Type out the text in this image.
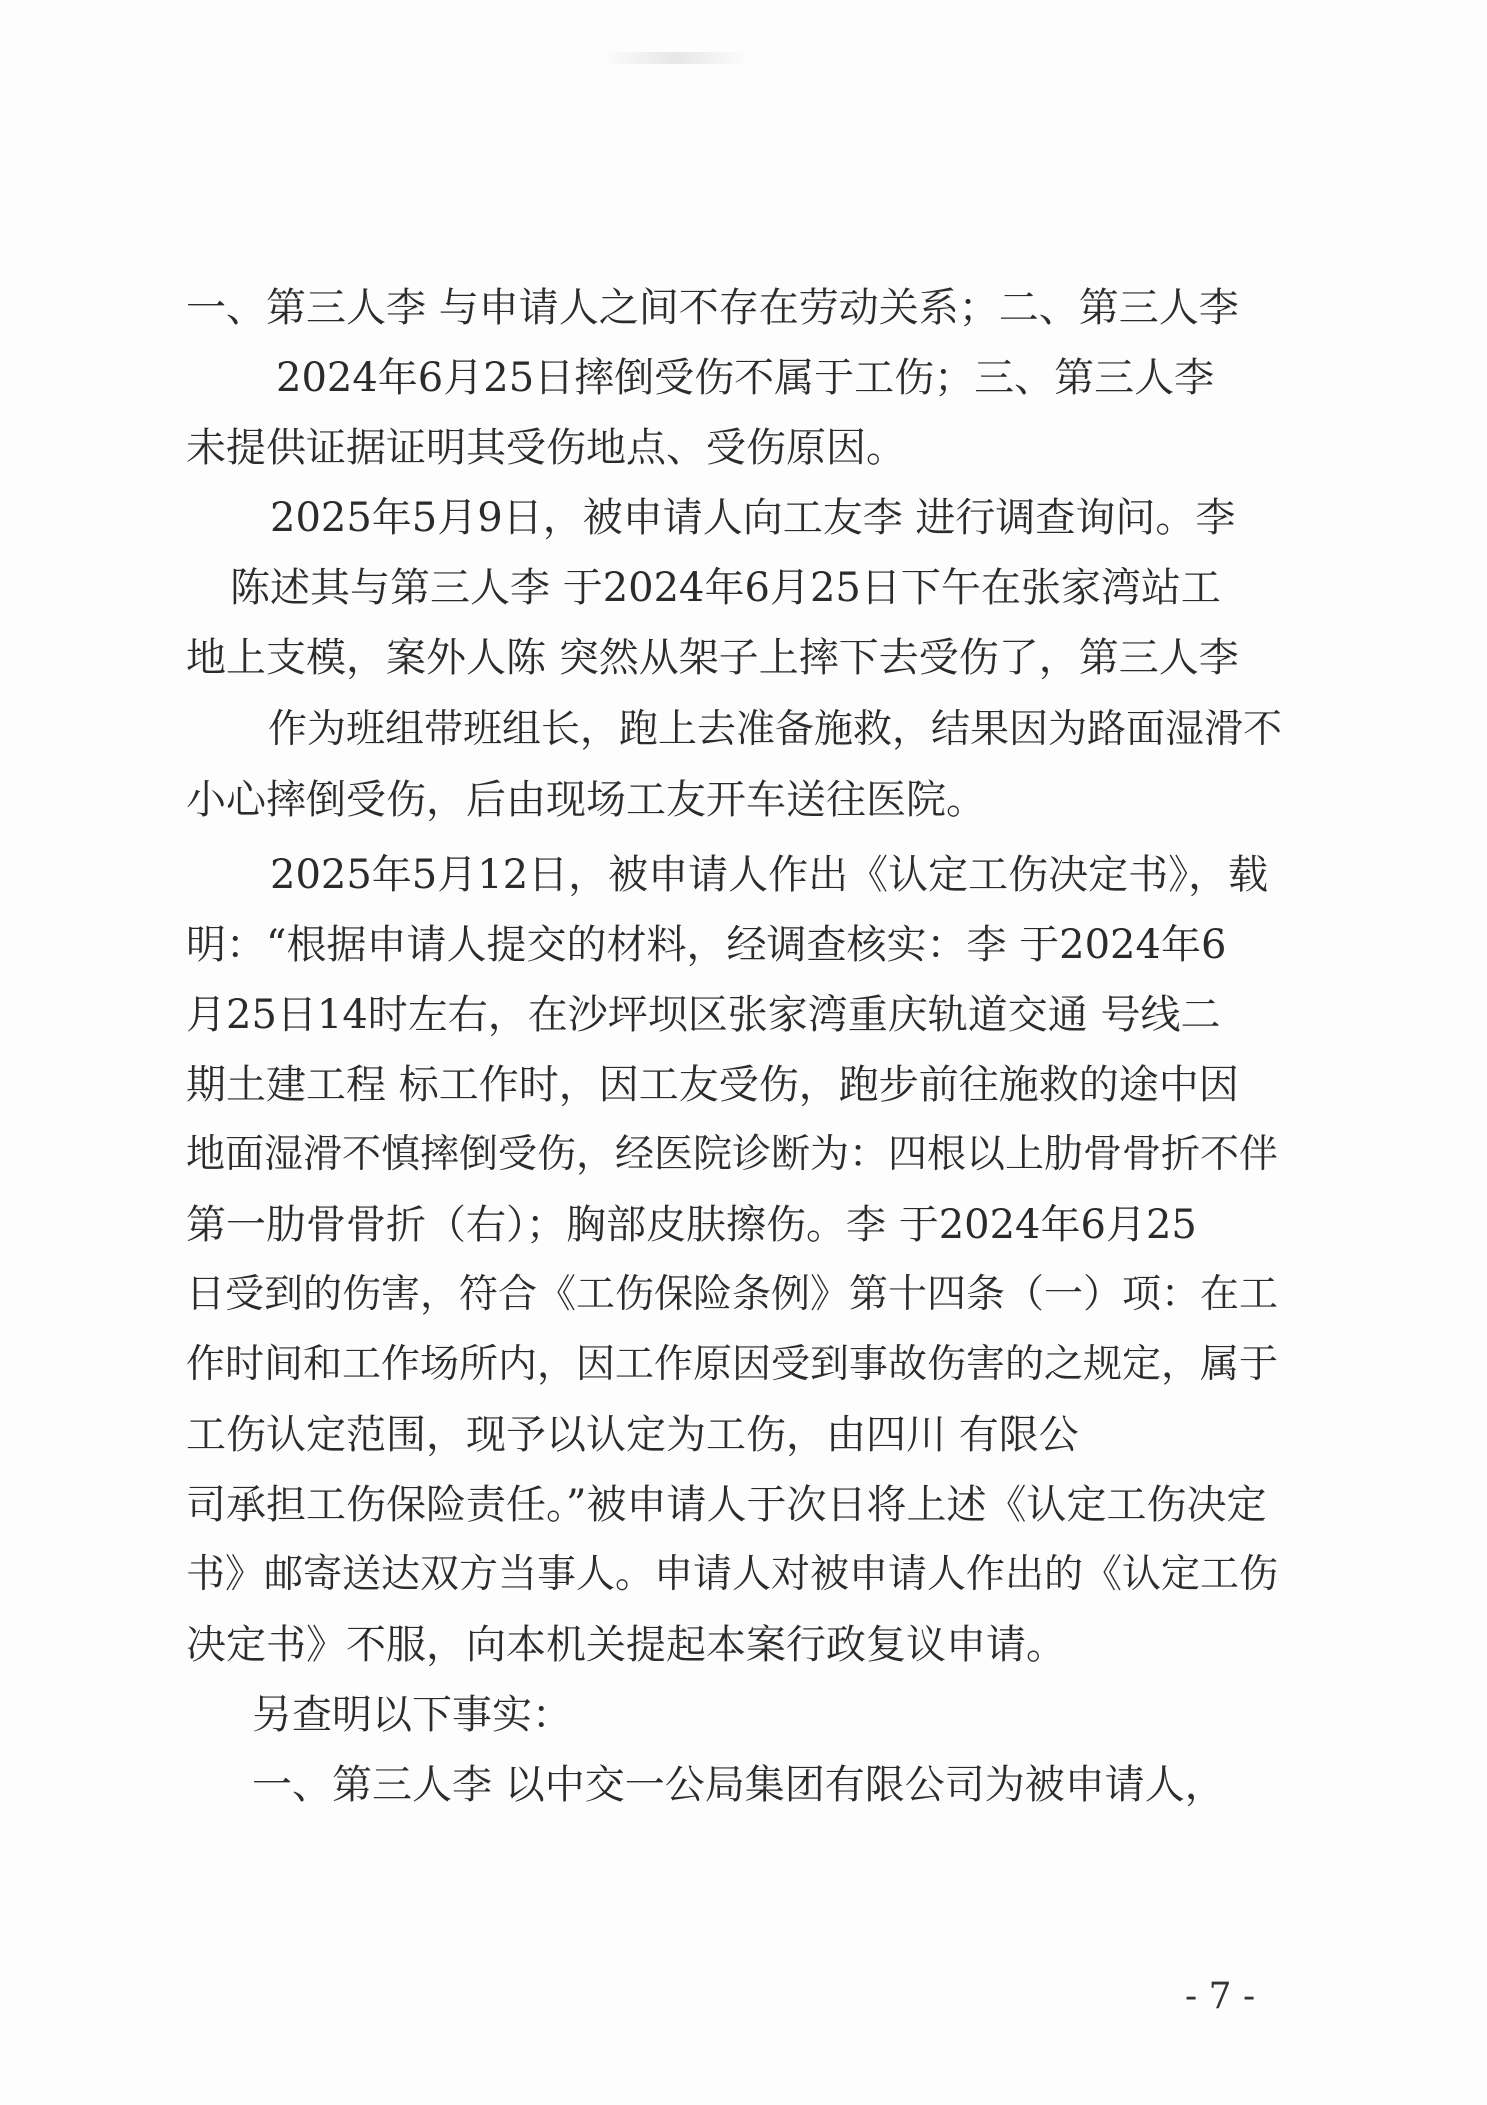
一、第三人李 与申请人之间不存在劳动关系；二、第三人李
2024年6月25日摔倒受伤不属于工伤；三、第三人李
未提供证据证明其受伤地点、受伤原因。
2025年5月9日，被申请人向工友李 进行调查询问。李
陈述其与第三人李 于2024年6月25日下午在张家湾站工
地上支模，案外人陈 突然从架子上摔下去受伤了，第三人李
作为班组带班组长，跑上去准备施救，结果因为路面湿滑不
小心摔倒受伤，后由现场工友开车送往医院。
2025年5月12日，被申请人作出《认定工伤决定书》，载
明：“根据申请人提交的材料，经调查核实：李 于2024年6
月25日14时左右，在沙坪坝区张家湾重庆轨道交通 号线二
期土建工程 标工作时，因工友受伤，跑步前往施救的途中因
地面湿滑不慎摔倒受伤，经医院诊断为：四根以上肋骨骨折不伴
第一肋骨骨折（右）；胸部皮肤擦伤。李 于2024年6月25
日受到的伤害，符合《工伤保险条例》第十四条（一）项：在工
作时间和工作场所内，因工作原因受到事故伤害的之规定，属于
工伤认定范围，现予以认定为工伤，由四川 有限公
司承担工伤保险责任。”被申请人于次日将上述《认定工伤决定
书》邮寄送达双方当事人。申请人对被申请人作出的《认定工伤
决定书》不服，向本机关提起本案行政复议申请。
另查明以下事实：
一、第三人李 以中交一公局集团有限公司为被申请人，
- 7 -
